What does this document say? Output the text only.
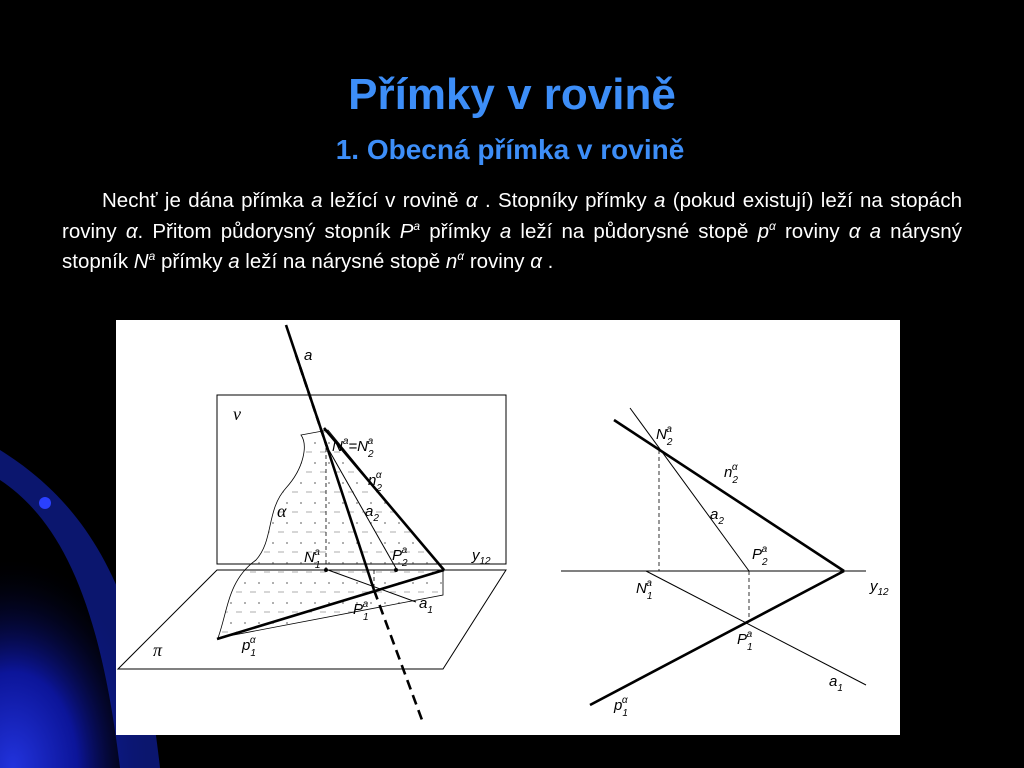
Přímky v rovině
1. Obecná přímka v rovině

Nechť je dána přímka a ležící v rovině α . Stopníky přímky a (pokud existují) leží na stopách roviny α. Přitom půdorysný stopník $P^a$ přímky a leží na půdorysné stopě $p^\alpha$ roviny α a nárysný stopník $N^a$ přímky a leží na nárysné stopě $n^\alpha$ roviny α .

a
ν
α
π
$N^a=N_2a$
$n_2\alpha$
$a_2$
$N_1a$	$P_2a$	$y_{12}$
$P_1a$	$a_1$
$p_1\alpha$
$N_2a$
$n_2\alpha$
$a_2$
$P_2a$
$N_1a$	$y_{12}$
$P_1a$
$a_1$
$p_1\alpha$
